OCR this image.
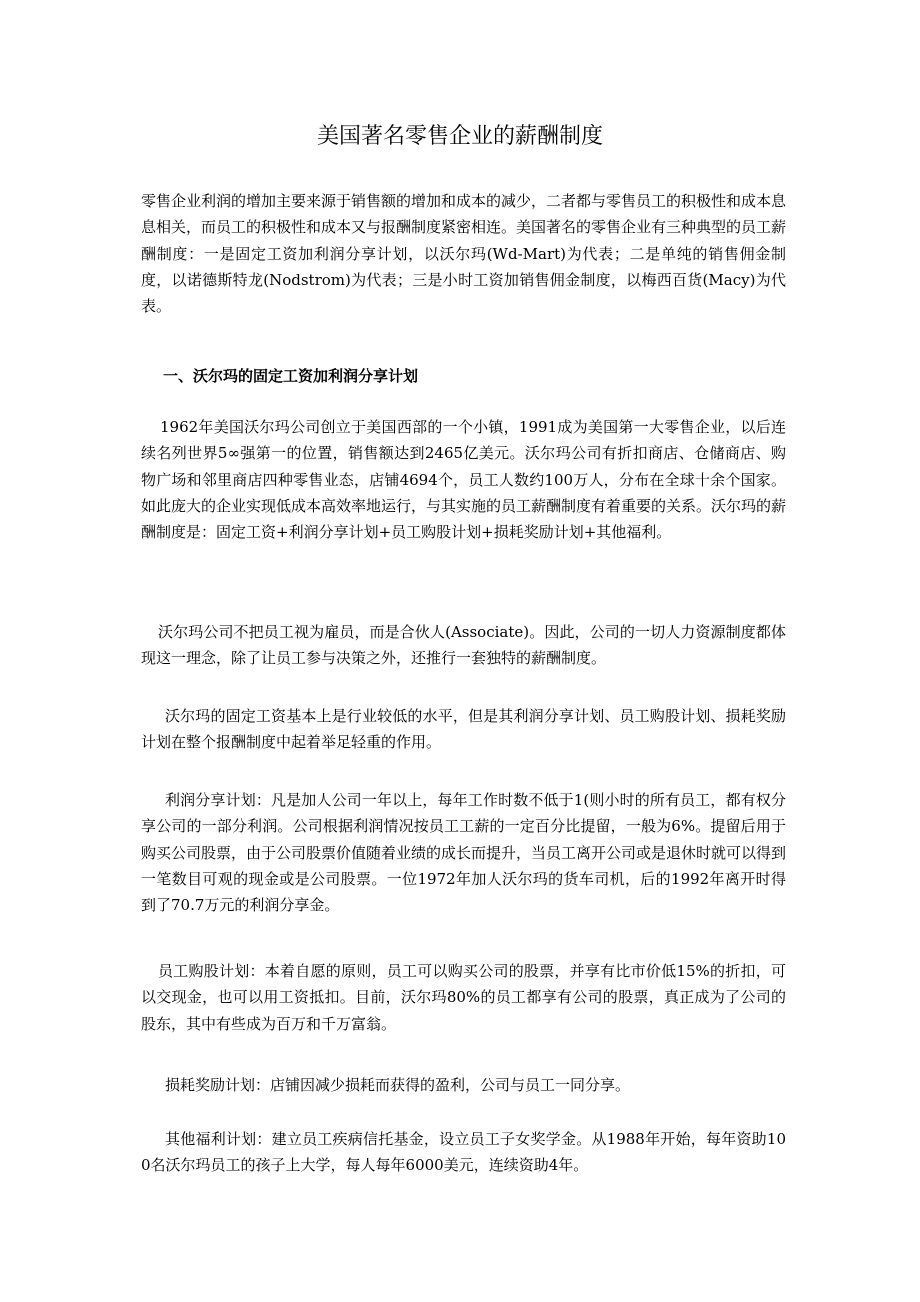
美国著名零售企业的薪酬制度

零售企业利润的增加主要来源于销售额的增加和成本的减少，二者都与零售员工的积极性和成本息息相关，而员工的积极性和成本又与报酬制度紧密相连。美国著名的零售企业有三种典型的员工薪酬制度：一是固定工资加利润分享计划，以沃尔玛(Wd-Mart)为代表；二是单纯的销售佣金制度，以诺德斯特龙(Nodstrom)为代表；三是小时工资加销售佣金制度，以梅西百货(Macy)为代表。

一、沃尔玛的固定工资加利润分享计划

1962年美国沃尔玛公司创立于美国西部的一个小镇，1991成为美国第一大零售企业，以后连续名列世界5∞强第一的位置，销售额达到2465亿美元。沃尔玛公司有折扣商店、仓储商店、购物广场和邻里商店四种零售业态，店铺4694个，员工人数约100万人，分布在全球十余个国家。如此庞大的企业实现低成本高效率地运行，与其实施的员工薪酬制度有着重要的关系。沃尔玛的薪酬制度是：固定工资+利润分享计划+员工购股计划+损耗奖励计划+其他福利。

沃尔玛公司不把员工视为雇员，而是合伙人(Associate)。因此，公司的一切人力资源制度都体现这一理念，除了让员工参与决策之外，还推行一套独特的薪酬制度。

沃尔玛的固定工资基本上是行业较低的水平，但是其利润分享计划、员工购股计划、损耗奖励计划在整个报酬制度中起着举足轻重的作用。

利润分享计划：凡是加人公司一年以上，每年工作时数不低于1(则小时的所有员工，都有权分享公司的一部分利润。公司根据利润情况按员工工薪的一定百分比提留，一般为6%。提留后用于购买公司股票，由于公司股票价值随着业绩的成长而提升，当员工离开公司或是退休时就可以得到一笔数目可观的现金或是公司股票。一位1972年加人沃尔玛的货车司机，后的1992年离开时得到了70.7万元的利润分享金。

员工购股计划：本着自愿的原则，员工可以购买公司的股票，并享有比市价低15%的折扣，可以交现金，也可以用工资抵扣。目前，沃尔玛80%的员工都享有公司的股票，真正成为了公司的股东，其中有些成为百万和千万富翁。

损耗奖励计划：店铺因减少损耗而获得的盈利，公司与员工一同分享。

其他福利计划：建立员工疾病信托基金，设立员工子女奖学金。从1988年开始，每年资助100名沃尔玛员工的孩子上大学，每人每年6000美元，连续资助4年。
